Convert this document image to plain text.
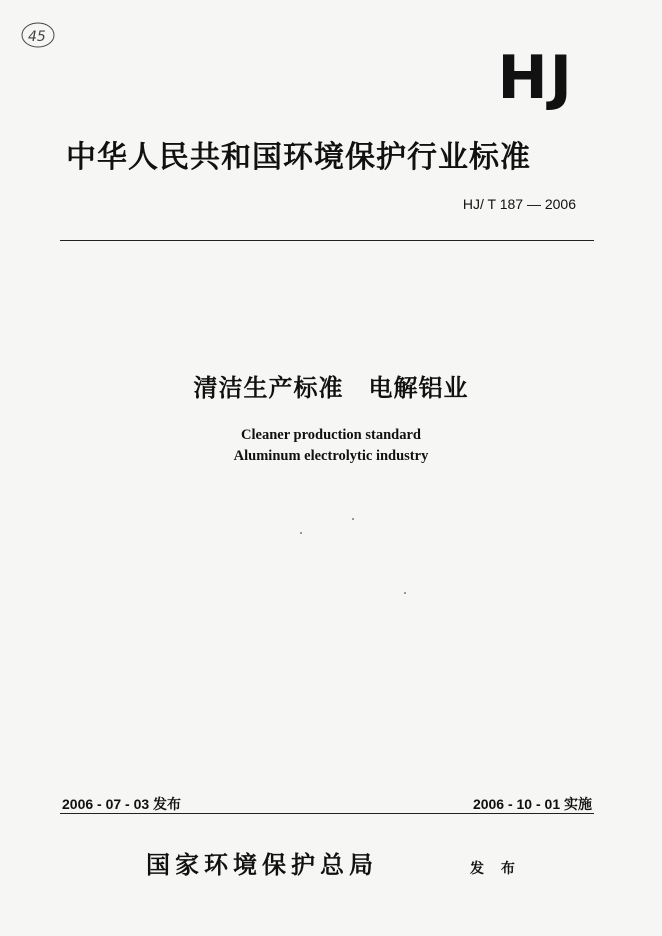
45
HJ
中华人民共和国环境保护行业标准
HJ/ T 187 — 2006
清洁生产标准　电解铝业
Cleaner production standard
Aluminum electrolytic industry
2006 - 07 - 03 发布	2006 - 10 - 01 实施
国家环境保护总局	发 布
